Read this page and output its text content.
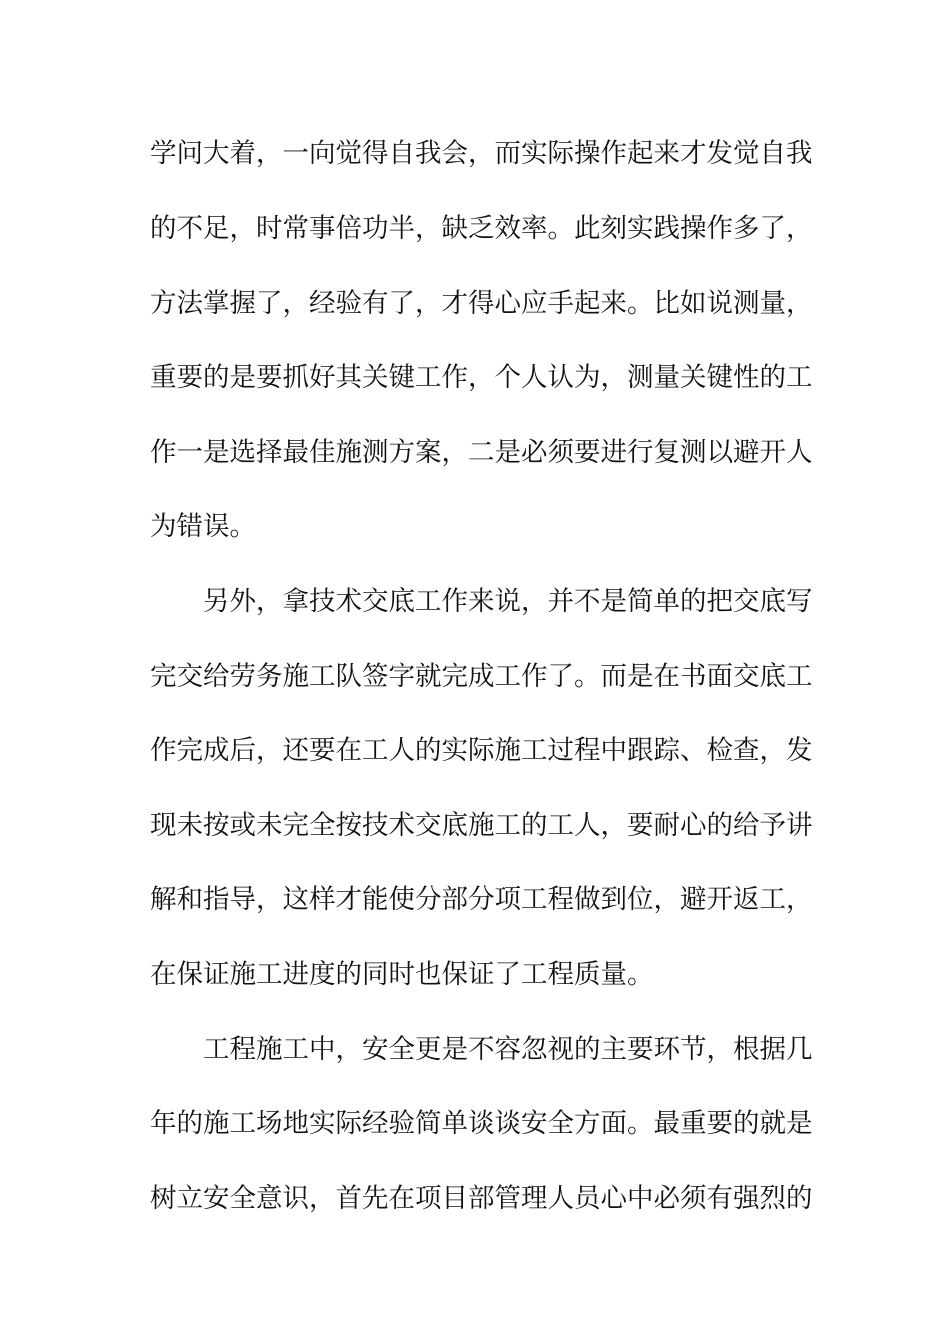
学问大着，一向觉得自我会，而实际操作起来才发觉自我
的不足，时常事倍功半，缺乏效率。此刻实践操作多了，
方法掌握了，经验有了，才得心应手起来。比如说测量，
重要的是要抓好其关键工作，个人认为，测量关键性的工
作一是选择最佳施测方案，二是必须要进行复测以避开人
为错误。
另外，拿技术交底工作来说，并不是简单的把交底写
完交给劳务施工队签字就完成工作了。而是在书面交底工
作完成后，还要在工人的实际施工过程中跟踪、检查，发
现未按或未完全按技术交底施工的工人，要耐心的给予讲
解和指导，这样才能使分部分项工程做到位，避开返工，
在保证施工进度的同时也保证了工程质量。
工程施工中，安全更是不容忽视的主要环节，根据几
年的施工场地实际经验简单谈谈安全方面。最重要的就是
树立安全意识，首先在项目部管理人员心中必须有强烈的
